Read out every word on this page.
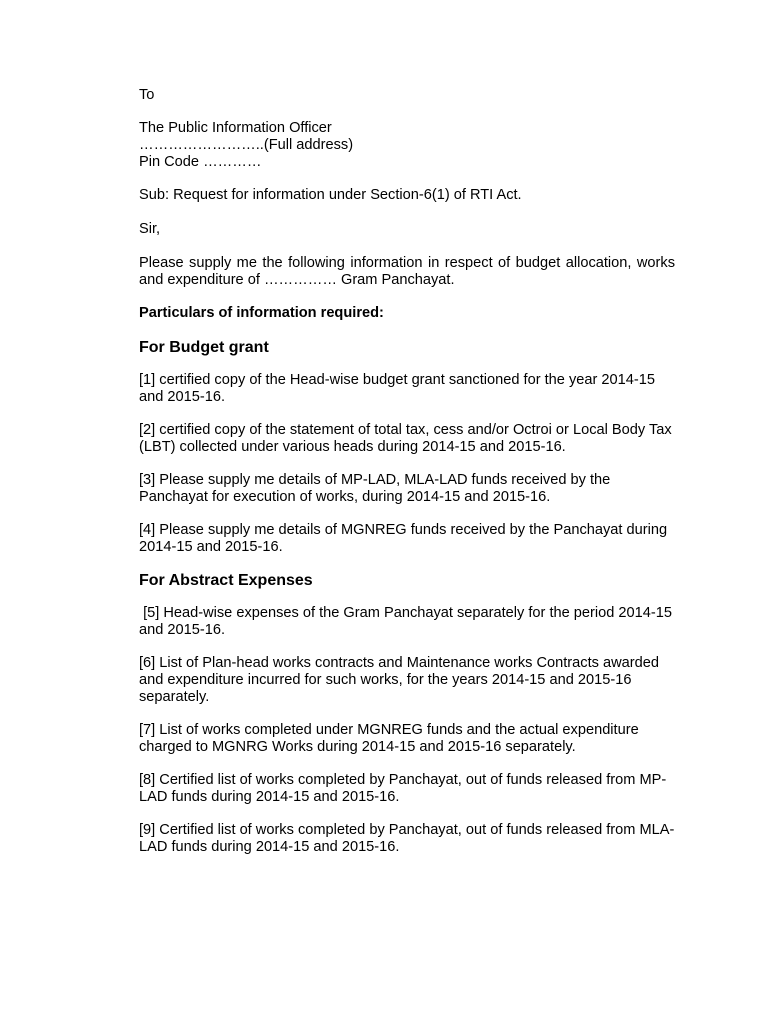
To

The Public Information Officer

……………………..(Full address)

Pin Code …………

Sub: Request for information under Section-6(1) of RTI Act.

Sir,

Please supply me the following information in respect of budget allocation, works and expenditure of …………… Gram Panchayat.

Particulars of information required:

For Budget grant

[1] certified copy of the Head-wise budget grant sanctioned for the year 2014-15 and 2015-16.

[2] certified copy of the statement of total tax, cess and/or Octroi or Local Body Tax (LBT) collected under various heads during 2014-15 and 2015-16.

[3] Please supply me details of MP-LAD, MLA-LAD funds received by the Panchayat for execution of works, during 2014-15 and 2015-16.

[4] Please supply me details of MGNREG funds received by the Panchayat during 2014-15 and 2015-16.

For Abstract Expenses

[5] Head-wise expenses of the Gram Panchayat separately for the period 2014-15 and 2015-16.

[6] List of Plan-head works contracts and Maintenance works Contracts awarded and expenditure incurred for such works, for the years 2014-15 and 2015-16 separately.

[7] List of works completed under MGNREG funds and the actual expenditure charged to MGNRG Works during 2014-15 and 2015-16 separately.

[8] Certified list of works completed by Panchayat, out of funds released from MP-LAD funds during 2014-15 and 2015-16.

[9] Certified list of works completed by Panchayat, out of funds released from MLA-LAD funds during 2014-15 and 2015-16.
